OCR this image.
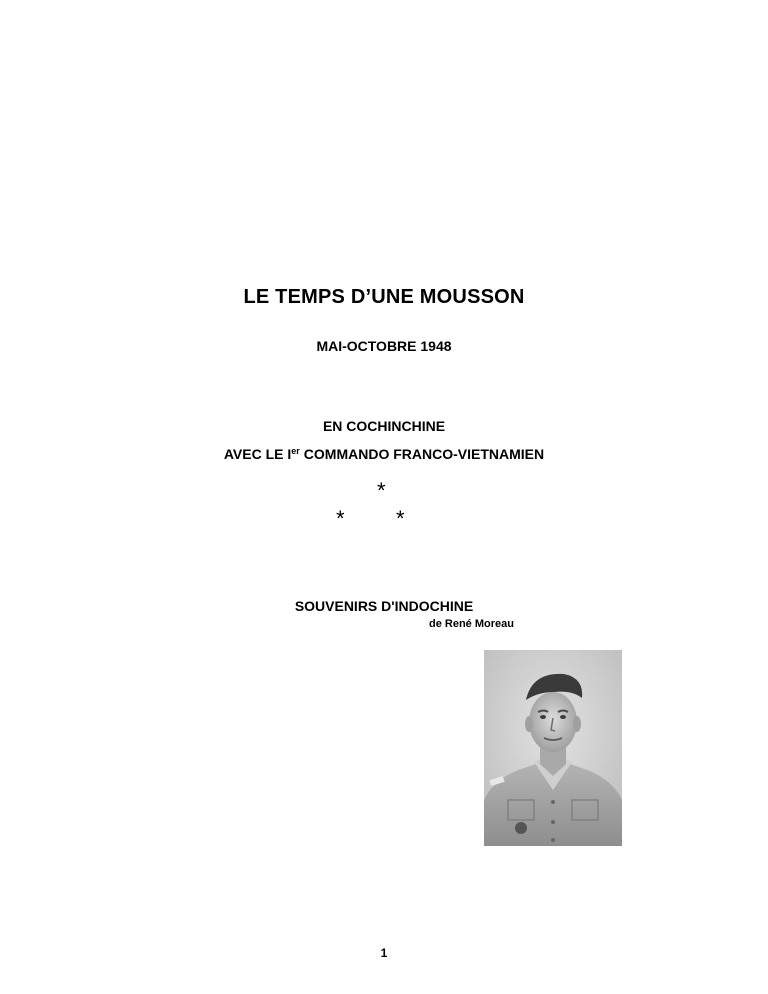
LE TEMPS D’UNE MOUSSON
MAI-OCTOBRE 1948
EN COCHINCHINE
AVEC LE Ier COMMANDO FRANCO-VIETNAMIEN
*
* *
SOUVENIRS D'INDOCHINE
de René Moreau
1
